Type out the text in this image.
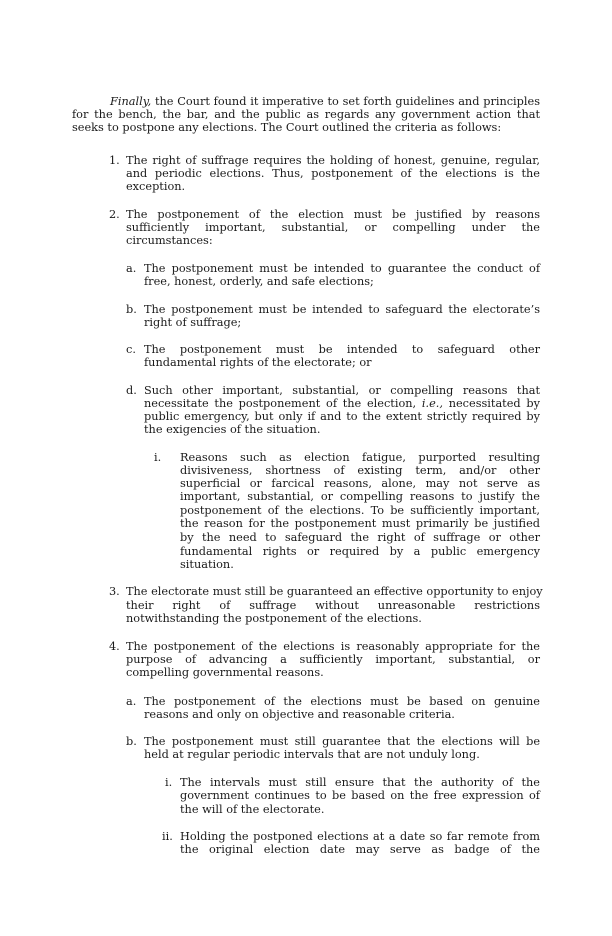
Finally, the Court found it imperative to set forth guidelines and principles
for the bench, the bar, and the public as regards any government action that
seeks to postpone any elections. The Court outlined the criteria as follows:
1. The right of suffrage requires the holding of honest, genuine, regular,
and periodic elections. Thus, postponement of the elections is the
exception.
2. The postponement of the election must be justified by reasons
sufficiently important, substantial, or compelling under the
circumstances:
a. The postponement must be intended to guarantee the conduct of
free, honest, orderly, and safe elections;
b. The postponement must be intended to safeguard the electorate’s
right of suffrage;
c. The postponement must be intended to safeguard other
fundamental rights of the electorate; or
d. Such other important, substantial, or compelling reasons that
necessitate the postponement of the election, i.e., necessitated by
public emergency, but only if and to the extent strictly required by
the exigencies of the situation.
i. Reasons such as election fatigue, purported resulting
divisiveness, shortness of existing term, and/or other
superficial or farcical reasons, alone, may not serve as
important, substantial, or compelling reasons to justify the
postponement of the elections. To be sufficiently important,
the reason for the postponement must primarily be justified
by the need to safeguard the right of suffrage or other
fundamental rights or required by a public emergency
situation.
3. The electorate must still be guaranteed an effective opportunity to enjoy
their right of suffrage without unreasonable restrictions
notwithstanding the postponement of the elections.
4. The postponement of the elections is reasonably appropriate for the
purpose of advancing a sufficiently important, substantial, or
compelling governmental reasons.
a. The postponement of the elections must be based on genuine
reasons and only on objective and reasonable criteria.
b. The postponement must still guarantee that the elections will be
held at regular periodic intervals that are not unduly long.
i. The intervals must still ensure that the authority of the
government continues to be based on the free expression of
the will of the electorate.
ii. Holding the postponed elections at a date so far remote from
the original election date may serve as badge of the
